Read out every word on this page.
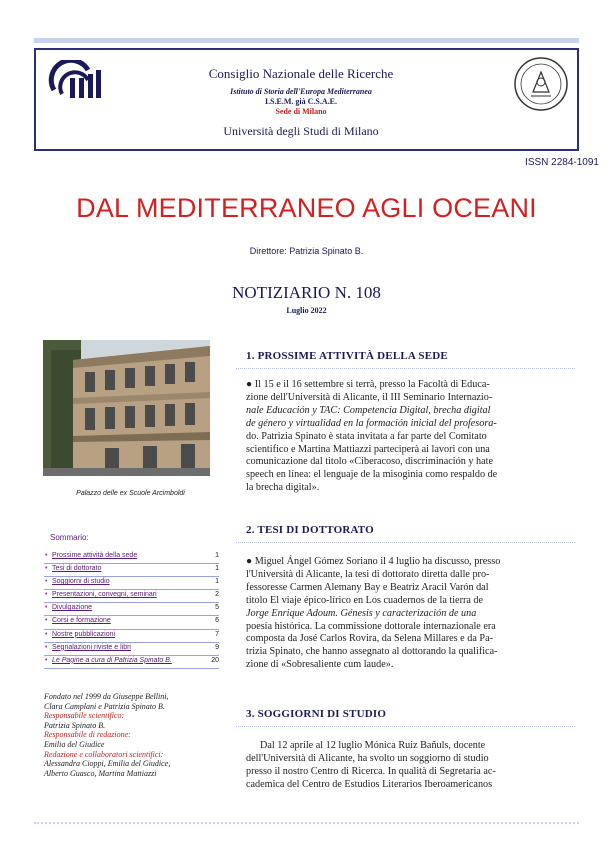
Consiglio Nazionale delle Ricerche
Istituto di Storia dell'Europa Mediterranea
I.S.E.M. già C.S.A.E.
Sede di Milano
Università degli Studi di Milano
ISSN 2284-1091
DAL MEDITERRANEO AGLI OCEANI
Direttore: Patrizia Spinato B.
NOTIZIARIO N. 108
Luglio 2022
Palazzo delle ex Scuole Arcimboldi
Sommario:
• Prossime attività della sede	1
• Tesi di dottorato	1
• Soggiorni di studio	1
• Presentazioni, convegni, seminari	2
• Divulgazione	5
• Corsi e formazione	6
• Nostre pubblicazioni	7
• Segnalazioni riviste e libri	9
• Le Pagine a cura di Patrizia Spinato B.	20
Fondato nel 1999 da Giuseppe Bellini,
Clara Camplani e Patrizia Spinato B.
Responsabile scientifico:
Patrizia Spinato B.
Responsabile di redazione:
Emilia del Giudice
Redazione e collaboratori scientifici:
Alessandra Cioppi, Emilia del Giudice,
Alberto Guasco, Martina Mattiazzi
1. PROSSIME ATTIVITÀ DELLA SEDE
● Il 15 e il 16 settembre si terrà, presso la Facoltà di Educa-
zione dell'Università di Alicante, il III Seminario Internazio-
nale Educación y TAC: Competencia Digital, brecha digital
de género y virtualidad en la formación inicial del profesora-
do. Patrizia Spinato è stata invitata a far parte del Comitato
scientifico e Martina Mattiazzi parteciperà ai lavori con una
comunicazione dal titolo «Ciberacoso, discriminación y hate
speech en línea: el lenguaje de la misoginia como respaldo de
la brecha digital».
2. TESI DI DOTTORATO
● Miguel Ángel Gómez Soriano il 4 luglio ha discusso, presso
l'Università di Alicante, la tesi di dottorato diretta dalle pro-
fessoresse Carmen Alemany Bay e Beatriz Aracil Varón dal
titolo El viaje épico-lírico en Los cuadernos de la tierra de
Jorge Enrique Adoum. Génesis y caracterización de una
poesía histórica. La commissione dottorale internazionale era
composta da José Carlos Rovira, da Selena Millares e da Pa-
trizia Spinato, che hanno assegnato al dottorando la qualifica-
zione di «Sobresaliente cum laude».
3. SOGGIORNI DI STUDIO
Dal 12 aprile al 12 luglio Mónica Ruiz Bañuls, docente
dell'Università di Alicante, ha svolto un soggiorno di studio
presso il nostro Centro di Ricerca. In qualità di Segretaria ac-
cademica del Centro de Estudios Literarios Iberoamericanos
